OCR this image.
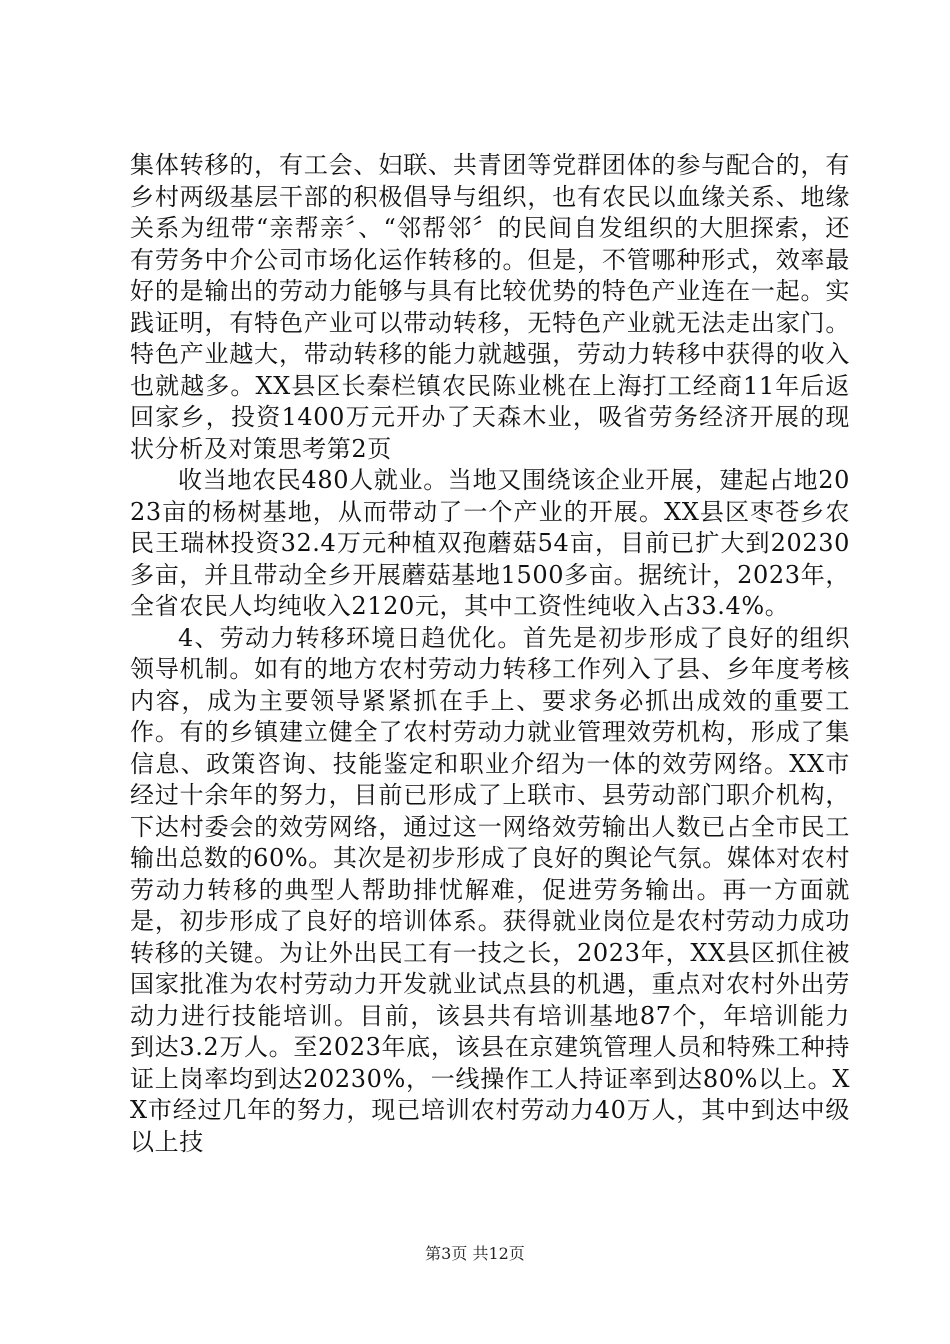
集体转移的，有工会、妇联、共青团等党群团体的参与配合的，有乡村两级基层干部的积极倡导与组织，也有农民以血缘关系、地缘关系为纽带“亲帮亲〞、“邻帮邻〞的民间自发组织的大胆探索，还有劳务中介公司市场化运作转移的。但是，不管哪种形式，效率最好的是输出的劳动力能够与具有比较优势的特色产业连在一起。实践证明，有特色产业可以带动转移，无特色产业就无法走出家门。特色产业越大，带动转移的能力就越强，劳动力转移中获得的收入也就越多。XX县区长秦栏镇农民陈业桃在上海打工经商11年后返回家乡，投资1400万元开办了天森木业，吸省劳务经济开展的现状分析及对策思考第2页

收当地农民480人就业。当地又围绕该企业开展，建起占地2023亩的杨树基地，从而带动了一个产业的开展。XX县区枣苍乡农民王瑞林投资32.4万元种植双孢蘑菇54亩，目前已扩大到20230多亩，并且带动全乡开展蘑菇基地1500多亩。据统计，2023年，全省农民人均纯收入2120元，其中工资性纯收入占33.4%。

4、劳动力转移环境日趋优化。首先是初步形成了良好的组织领导机制。如有的地方农村劳动力转移工作列入了县、乡年度考核内容，成为主要领导紧紧抓在手上、要求务必抓出成效的重要工作。有的乡镇建立健全了农村劳动力就业管理效劳机构，形成了集信息、政策咨询、技能鉴定和职业介绍为一体的效劳网络。XX市经过十余年的努力，目前已形成了上联市、县劳动部门职介机构，下达村委会的效劳网络，通过这一网络效劳输出人数已占全市民工输出总数的60%。其次是初步形成了良好的舆论气氛。媒体对农村劳动力转移的典型人帮助排忧解难，促进劳务输出。再一方面就是，初步形成了良好的培训体系。获得就业岗位是农村劳动力成功转移的关键。为让外出民工有一技之长，2023年，XX县区抓住被国家批准为农村劳动力开发就业试点县的机遇，重点对农村外出劳动力进行技能培训。目前，该县共有培训基地87个，年培训能力到达3.2万人。至2023年底，该县在京建筑管理人员和特殊工种持证上岗率均到达20230%，一线操作工人持证率到达80%以上。XX市经过几年的努力，现已培训农村劳动力40万人，其中到达中级以上技

第3页 共12页
